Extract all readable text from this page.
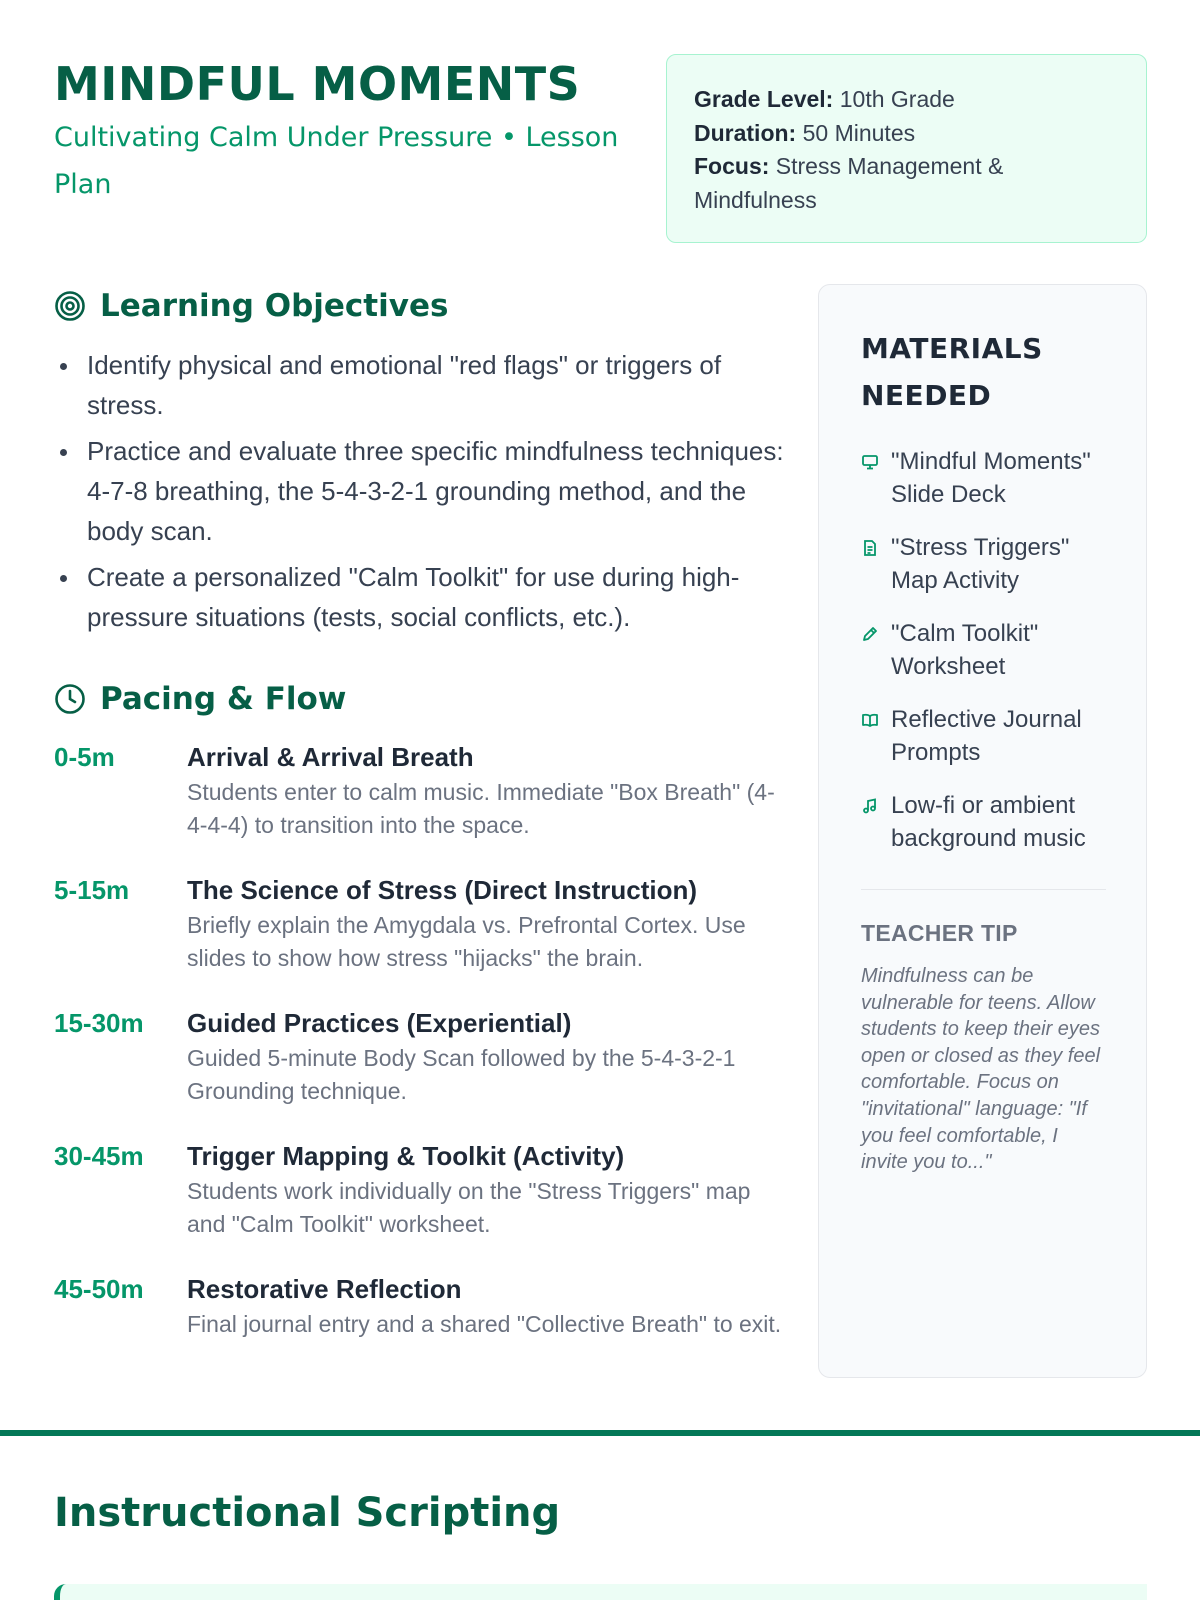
MINDFUL MOMENTS
Cultivating Calm Under Pressure • Lesson Plan
Grade Level: 10th Grade
Duration: 50 Minutes
Focus: Stress Management & Mindfulness
Learning Objectives
Identify physical and emotional "red flags" or triggers of stress.
Practice and evaluate three specific mindfulness techniques: 4-7-8 breathing, the 5-4-3-2-1 grounding method, and the body scan.
Create a personalized "Calm Toolkit" for use during high-pressure situations (tests, social conflicts, etc.).
Pacing & Flow
0-5m	Arrival & Arrival Breath
Students enter to calm music. Immediate "Box Breath" (4-4-4-4) to transition into the space.
5-15m	The Science of Stress (Direct Instruction)
Briefly explain the Amygdala vs. Prefrontal Cortex. Use slides to show how stress "hijacks" the brain.
15-30m	Guided Practices (Experiential)
Guided 5-minute Body Scan followed by the 5-4-3-2-1 Grounding technique.
30-45m	Trigger Mapping & Toolkit (Activity)
Students work individually on the "Stress Triggers" map and "Calm Toolkit" worksheet.
45-50m	Restorative Reflection
Final journal entry and a shared "Collective Breath" to exit.
MATERIALS NEEDED
"Mindful Moments" Slide Deck
"Stress Triggers" Map Activity
"Calm Toolkit" Worksheet
Reflective Journal Prompts
Low-fi or ambient background music
TEACHER TIP
Mindfulness can be vulnerable for teens. Allow students to keep their eyes open or closed as they feel comfortable. Focus on "invitational" language: "If you feel comfortable, I invite you to..."
Instructional Scripting
